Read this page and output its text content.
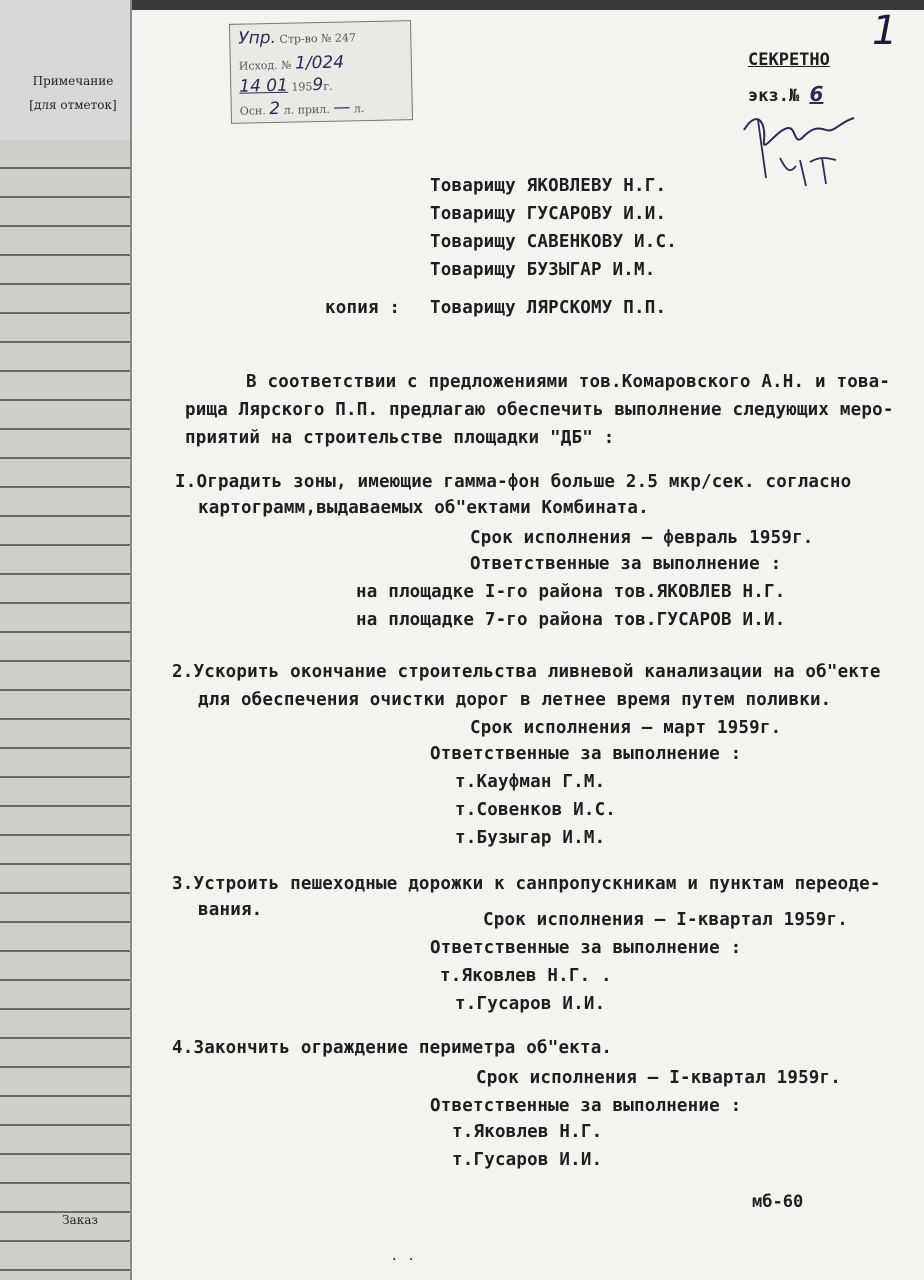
Примечание
[для отметок]
Заказ
Упр. Стр-во № 247
Исход. № 1/024
14 01 1959г.
Осн. 2 л. прил. — л.
1
СЕКРЕТНО
экз.№ 6
Товарищу ЯКОВЛЕВУ Н.Г.
Товарищу ГУСАРОВУ И.И.
Товарищу САВЕНКОВУ И.С.
Товарищу БУЗЫГАР И.М.
копия : Товарищу ЛЯРСКОМУ П.П.
В соответствии с предложениями тов.Комаровского А.Н. и това-
рища Лярского П.П. предлагаю обеспечить выполнение следующих меро-
приятий на строительстве площадки "ДБ" :
I.Оградить зоны, имеющие гамма-фон больше 2.5 мкр/сек. согласно
картограмм,выдаваемых об"ектами Комбината.
Срок исполнения – февраль 1959г.
Ответственные за выполнение :
на площадке I-го района тов.ЯКОВЛЕВ Н.Г.
на площадке 7-го района тов.ГУСАРОВ И.И.
2.Ускорить окончание строительства ливневой канализации на об"екте
для обеспечения очистки дорог в летнее время путем поливки.
Срок исполнения – март 1959г.
Ответственные за выполнение :
т.Кауфман Г.М.
т.Совенков И.С.
т.Бузыгар И.М.
3.Устроить пешеходные дорожки к санпропускникам и пунктам переоде-
вания.	Срок исполнения – I-квартал 1959г.
Ответственные за выполнение :
т.Яковлев Н.Г. .
т.Гусаров И.И.
4.Закончить ограждение периметра об"екта.
Срок исполнения – I-квартал 1959г.
Ответственные за выполнение :
т.Яковлев Н.Г.
т.Гусаров И.И.
мб-60
· ·
